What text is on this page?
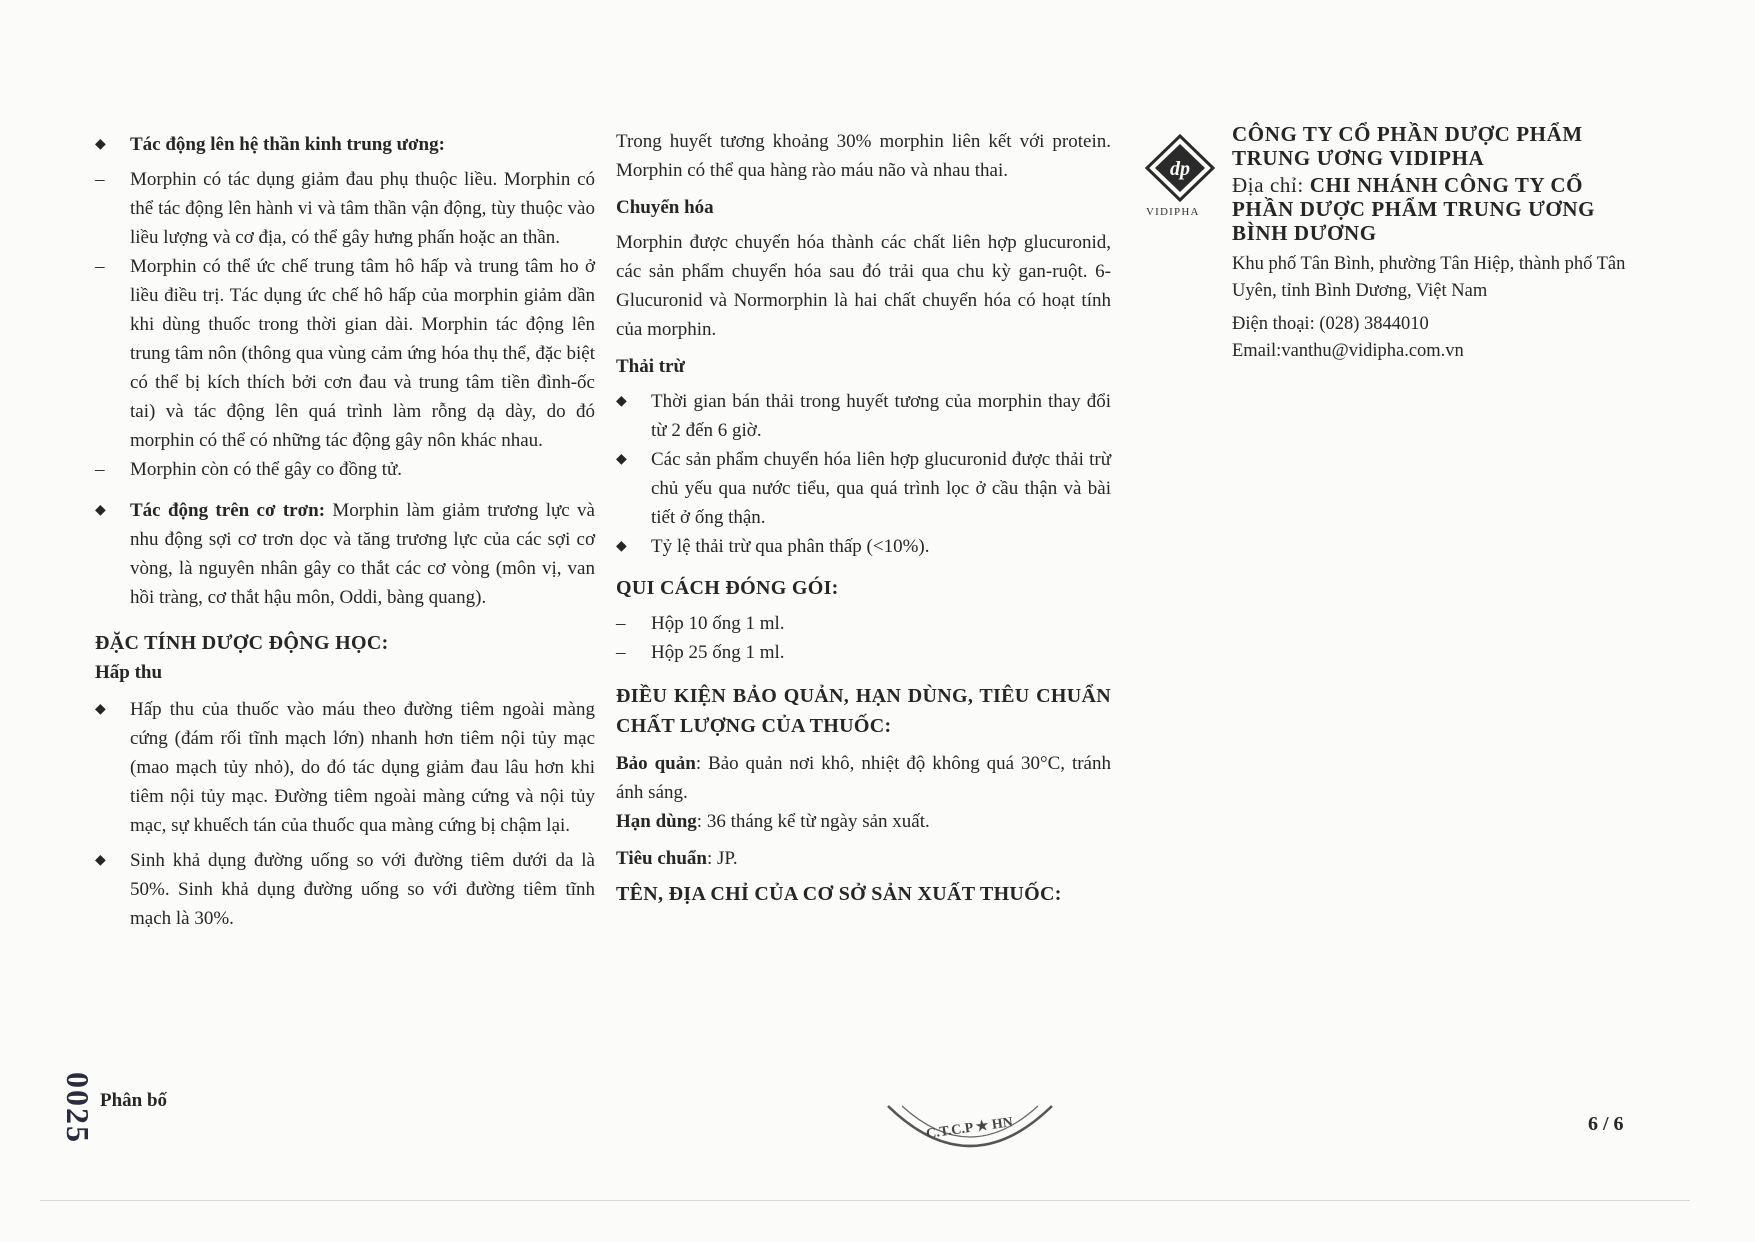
◆	Tác động lên hệ thần kinh trung ương:
–	Morphin có tác dụng giảm đau phụ thuộc liều. Morphin có thể tác động lên hành vi và tâm thần vận động, tùy thuộc vào liều lượng và cơ địa, có thể gây hưng phấn hoặc an thần.
–	Morphin có thể ức chế trung tâm hô hấp và trung tâm ho ở liều điều trị. Tác dụng ức chế hô hấp của morphin giảm dần khi dùng thuốc trong thời gian dài. Morphin tác động lên trung tâm nôn (thông qua vùng cảm ứng hóa thụ thể, đặc biệt có thể bị kích thích bởi cơn đau và trung tâm tiền đình-ốc tai) và tác động lên quá trình làm rỗng dạ dày, do đó morphin có thể có những tác động gây nôn khác nhau.
–	Morphin còn có thể gây co đồng tử.
◆	Tác động trên cơ trơn: Morphin làm giảm trương lực và nhu động sợi cơ trơn dọc và tăng trương lực của các sợi cơ vòng, là nguyên nhân gây co thắt các cơ vòng (môn vị, van hồi tràng, cơ thắt hậu môn, Oddi, bàng quang).
ĐẶC TÍNH DƯỢC ĐỘNG HỌC:
Hấp thu
◆	Hấp thu của thuốc vào máu theo đường tiêm ngoài màng cứng (đám rối tĩnh mạch lớn) nhanh hơn tiêm nội tủy mạc (mao mạch tủy nhỏ), do đó tác dụng giảm đau lâu hơn khi tiêm nội tủy mạc. Đường tiêm ngoài màng cứng và nội tủy mạc, sự khuếch tán của thuốc qua màng cứng bị chậm lại.
◆	Sinh khả dụng đường uống so với đường tiêm dưới da là 50%. Sinh khả dụng đường uống so với đường tiêm tĩnh mạch là 30%.
Phân bố
0025

Trong huyết tương khoảng 30% morphin liên kết với protein. Morphin có thể qua hàng rào máu não và nhau thai.

Chuyển hóa

Morphin được chuyển hóa thành các chất liên hợp glucuronid, các sản phẩm chuyển hóa sau đó trải qua chu kỳ gan-ruột. 6-Glucuronid và Normorphin là hai chất chuyển hóa có hoạt tính của morphin.

Thải trừ
◆	Thời gian bán thải trong huyết tương của morphin thay đổi từ 2 đến 6 giờ.
◆	Các sản phẩm chuyển hóa liên hợp glucuronid được thải trừ chủ yếu qua nước tiểu, qua quá trình lọc ở cầu thận và bài tiết ở ống thận.
◆	Tỷ lệ thải trừ qua phân thấp (<10%).
QUI CÁCH ĐÓNG GÓI:
–	Hộp 10 ống 1 ml.
–	Hộp 25 ống 1 ml.
ĐIỀU KIỆN BẢO QUẢN, HẠN DÙNG, TIÊU CHUẨN CHẤT LƯỢNG CỦA THUỐC:

Bảo quản: Bảo quản nơi khô, nhiệt độ không quá 30°C, tránh ánh sáng.

Hạn dùng: 36 tháng kể từ ngày sản xuất.

Tiêu chuẩn: JP.

TÊN, ĐỊA CHỈ CỦA CƠ SỞ SẢN XUẤT THUỐC:
dp
VIDIPHA
CÔNG TY CỔ PHẦN DƯỢC PHẨM TRUNG ƯƠNG VIDIPHA
Địa chỉ: CHI NHÁNH CÔNG TY CỔ PHẦN DƯỢC PHẨM TRUNG ƯƠNG BÌNH DƯƠNG

Khu phố Tân Bình, phường Tân Hiệp, thành phố Tân Uyên, tỉnh Bình Dương, Việt Nam

Điện thoại: (028) 3844010

Email:vanthu@vidipha.com.vn

C.T.C.P ★ HN	6 / 6
